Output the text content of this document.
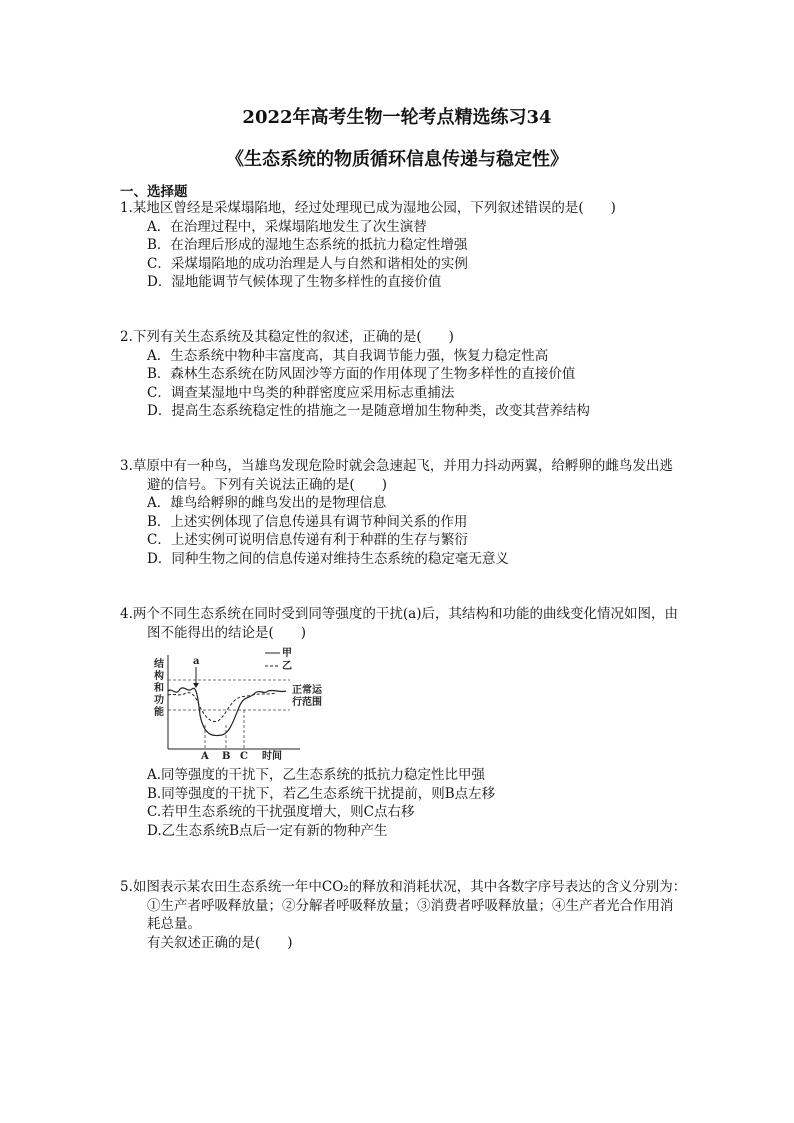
2022年高考生物一轮考点精选练习34
《生态系统的物质循环信息传递与稳定性》
一、选择题
1.某地区曾经是采煤塌陷地，经过处理现已成为湿地公园，下列叙述错误的是(　　)
A．在治理过程中，采煤塌陷地发生了次生演替
B．在治理后形成的湿地生态系统的抵抗力稳定性增强
C．采煤塌陷地的成功治理是人与自然和谐相处的实例
D．湿地能调节气候体现了生物多样性的直接价值
2.下列有关生态系统及其稳定性的叙述，正确的是(　　)
A．生态系统中物种丰富度高，其自我调节能力强，恢复力稳定性高
B．森林生态系统在防风固沙等方面的作用体现了生物多样性的直接价值
C．调查某湿地中鸟类的种群密度应采用标志重捕法
D．提高生态系统稳定性的措施之一是随意增加生物种类，改变其营养结构
3.草原中有一种鸟，当雄鸟发现危险时就会急速起飞，并用力抖动两翼，给孵卵的雌鸟发出逃
避的信号。下列有关说法正确的是(　　)
A．雄鸟给孵卵的雌鸟发出的是物理信息
B．上述实例体现了信息传递具有调节种间关系的作用
C．上述实例可说明信息传递有利于种群的生存与繁衍
D．同种生物之间的信息传递对维持生态系统的稳定毫无意义
4.两个不同生态系统在同时受到同等强度的干扰(a)后，其结构和功能的曲线变化情况如图，由
图不能得出的结论是(　　)
结
构
和
功
能
甲
乙
正常运
行范围
a
A B C 时间
A.同等强度的干扰下，乙生态系统的抵抗力稳定性比甲强
B.同等强度的干扰下，若乙生态系统干扰提前，则B点左移
C.若甲生态系统的干扰强度增大，则C点右移
D.乙生态系统B点后一定有新的物种产生
5.如图表示某农田生态系统一年中CO₂的释放和消耗状况，其中各数字序号表达的含义分别为：
①生产者呼吸释放量；②分解者呼吸释放量；③消费者呼吸释放量；④生产者光合作用消
耗总量。
有关叙述正确的是(　　)
